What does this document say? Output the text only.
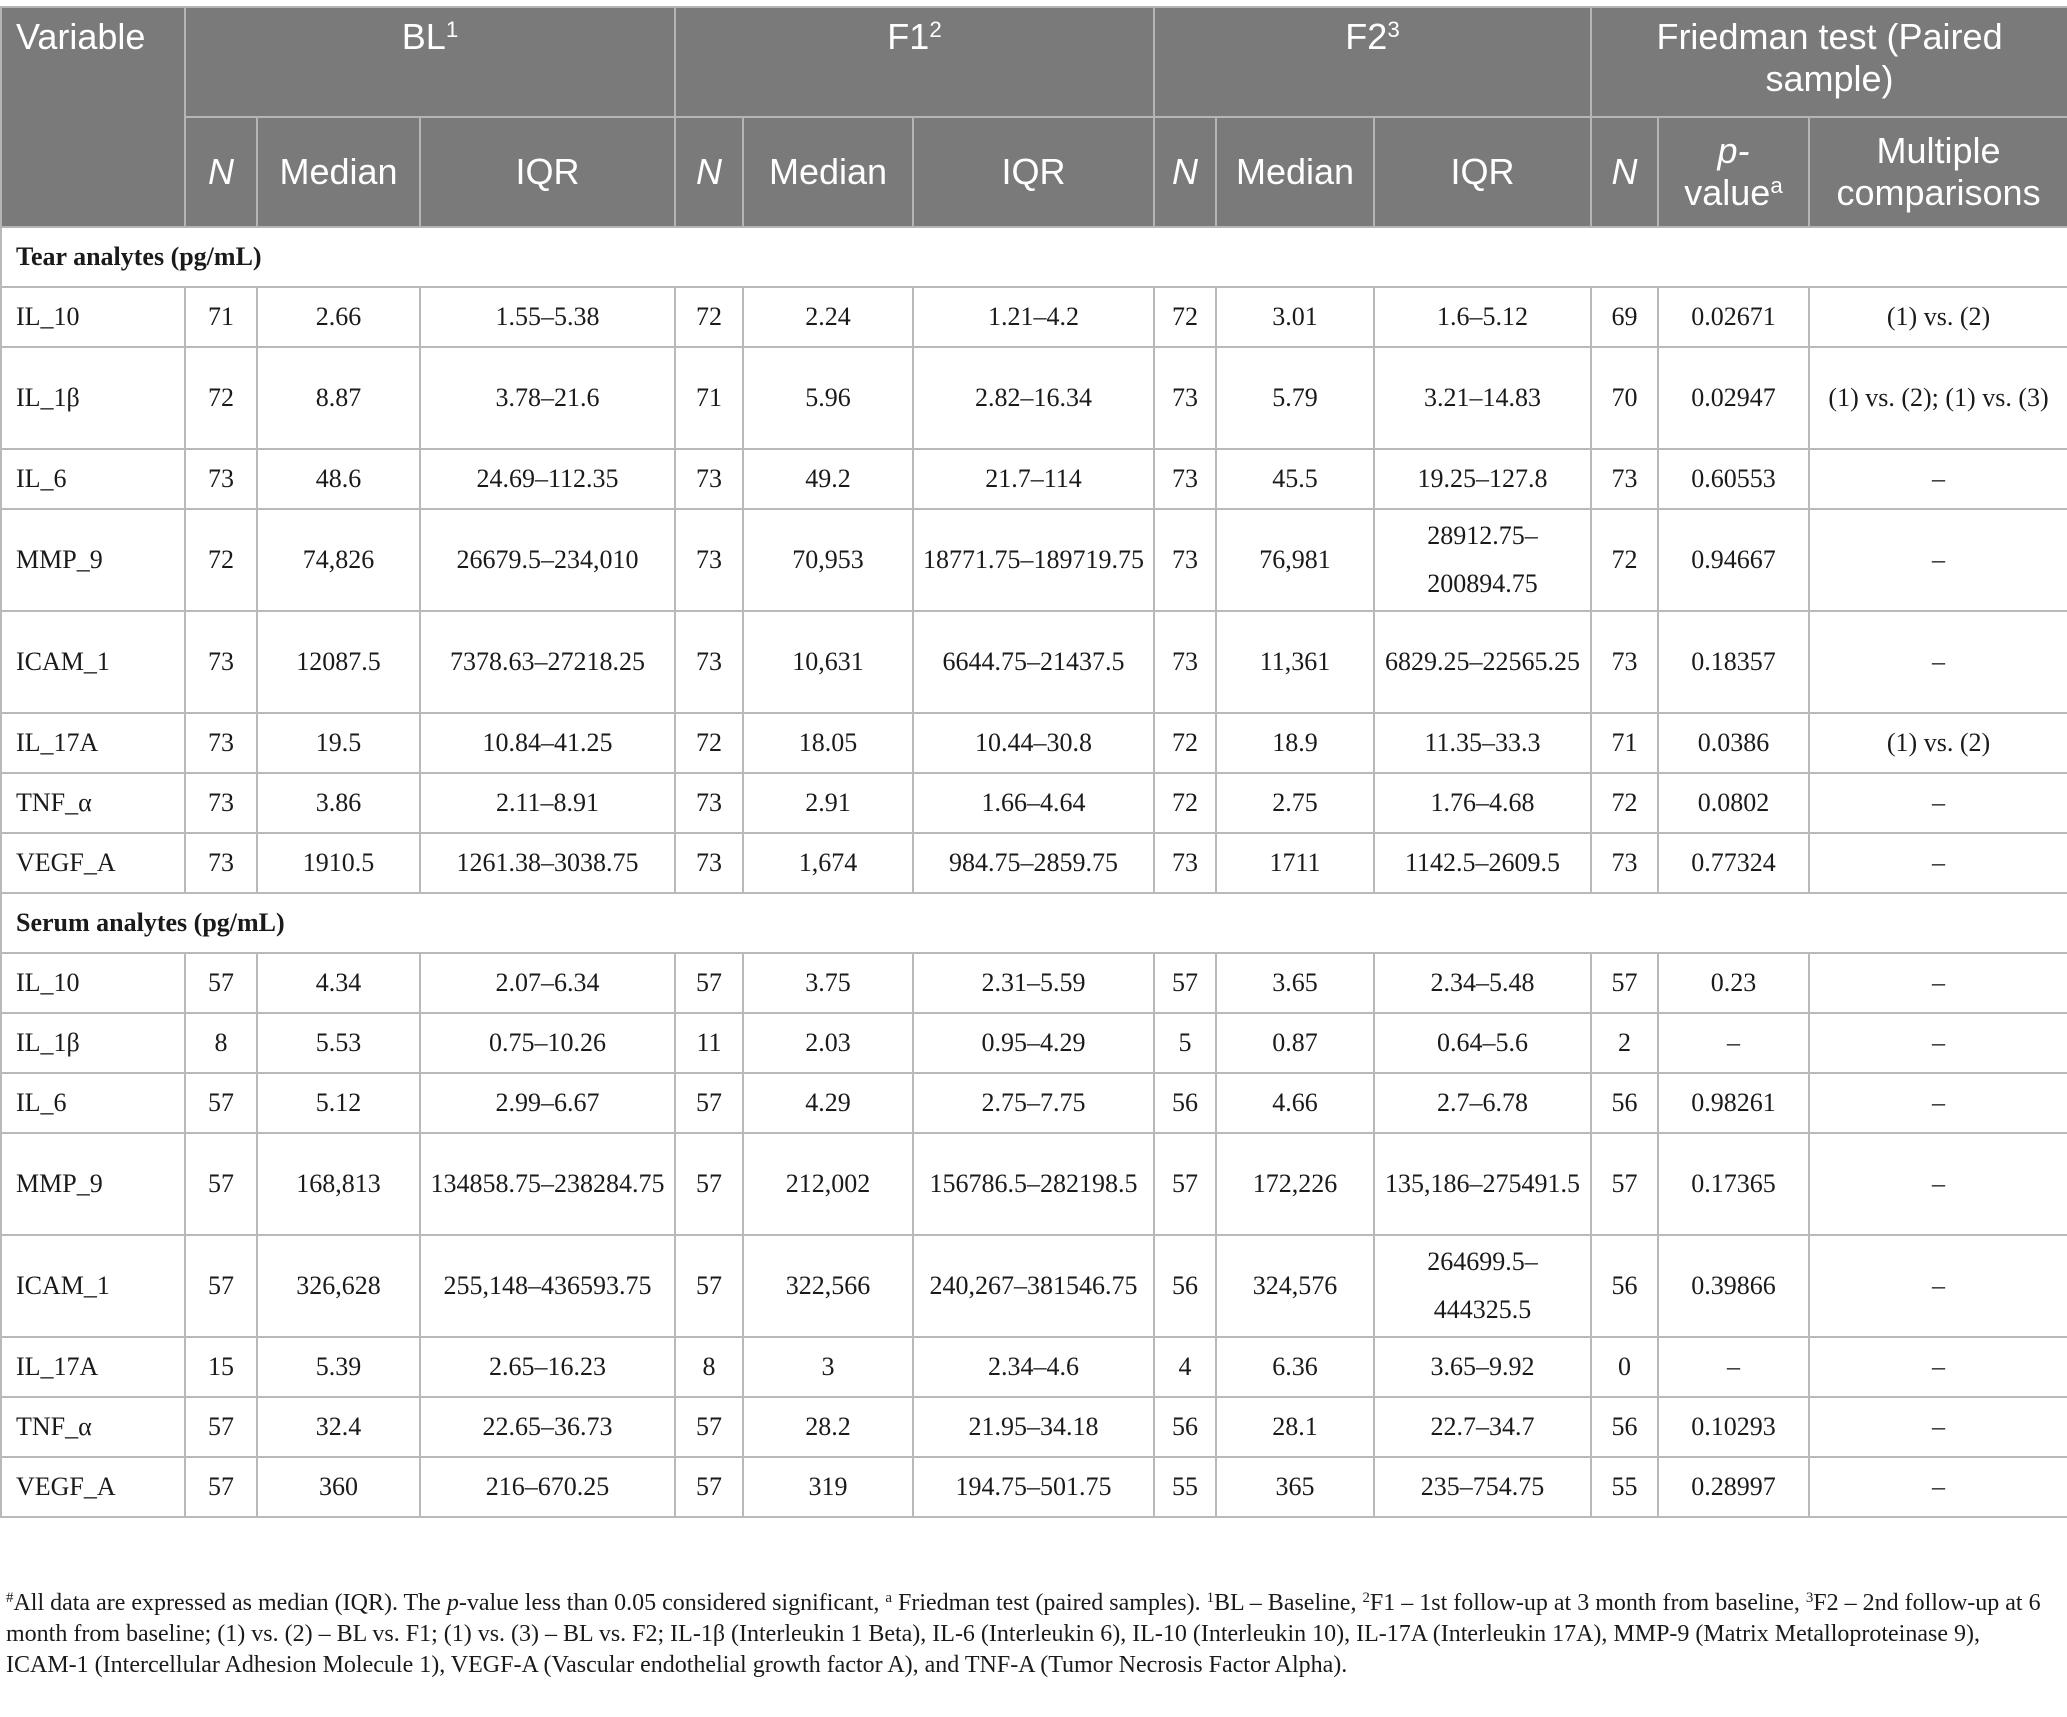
Variable	$BL^1$			$F1^2$			$F2^3$			Friedman test (Paired sample)		
	N	Median	IQR	N	Median	IQR	N	Median	IQR	N	p-
value$^a$	Multiple comparisons
Tear analytes (pg/mL)												
IL_10	71	2.66	1.55–5.38	72	2.24	1.21–4.2	72	3.01	1.6–5.12	69	0.02671	(1) vs. (2)
IL_1β	72	8.87	3.78–21.6	71	5.96	2.82–16.34	73	5.79	3.21–14.83	70	0.02947	(1) vs. (2); (1) vs. (3)
IL_6	73	48.6	24.69–112.35	73	49.2	21.7–114	73	45.5	19.25–127.8	73	0.60553	–
MMP_9	72	74,826	26679.5–234,010	73	70,953	18771.75–189719.75	73	76,981	28912.75–200894.75	72	0.94667	–
ICAM_1	73	12087.5	7378.63–27218.25	73	10,631	6644.75–21437.5	73	11,361	6829.25–22565.25	73	0.18357	–
IL_17A	73	19.5	10.84–41.25	72	18.05	10.44–30.8	72	18.9	11.35–33.3	71	0.0386	(1) vs. (2)
TNF_α	73	3.86	2.11–8.91	73	2.91	1.66–4.64	72	2.75	1.76–4.68	72	0.0802	–
VEGF_A	73	1910.5	1261.38–3038.75	73	1,674	984.75–2859.75	73	1711	1142.5–2609.5	73	0.77324	–
Serum analytes (pg/mL)												
IL_10	57	4.34	2.07–6.34	57	3.75	2.31–5.59	57	3.65	2.34–5.48	57	0.23	–
IL_1β	8	5.53	0.75–10.26	11	2.03	0.95–4.29	5	0.87	0.64–5.6	2	–	–
IL_6	57	5.12	2.99–6.67	57	4.29	2.75–7.75	56	4.66	2.7–6.78	56	0.98261	–
MMP_9	57	168,813	134858.75–238284.75	57	212,002	156786.5–282198.5	57	172,226	135,186–275491.5	57	0.17365	–
ICAM_1	57	326,628	255,148–436593.75	57	322,566	240,267–381546.75	56	324,576	264699.5–444325.5	56	0.39866	–
IL_17A	15	5.39	2.65–16.23	8	3	2.34–4.6	4	6.36	3.65–9.92	0	–	–
TNF_α	57	32.4	22.65–36.73	57	28.2	21.95–34.18	56	28.1	22.7–34.7	56	0.10293	–
VEGF_A	57	360	216–670.25	57	319	194.75–501.75	55	365	235–754.75	55	0.28997	–
#All data are expressed as median (IQR). The p-value less than 0.05 considered significant, $^a$ Friedman test (paired samples). $^1$BL – Baseline, $^2$F1 – 1st follow-up at 3 month from baseline, $^3$F2 – 2nd follow-up at 6 month from baseline; (1) vs. (2) – BL vs. F1; (1) vs. (3) – BL vs. F2; IL-1β (Interleukin 1 Beta), IL-6 (Interleukin 6), IL-10 (Interleukin 10), IL-17A (Interleukin 17A), MMP-9 (Matrix Metalloproteinase 9), ICAM-1 (Intercellular Adhesion Molecule 1), VEGF-A (Vascular endothelial growth factor A), and TNF-A (Tumor Necrosis Factor Alpha).
